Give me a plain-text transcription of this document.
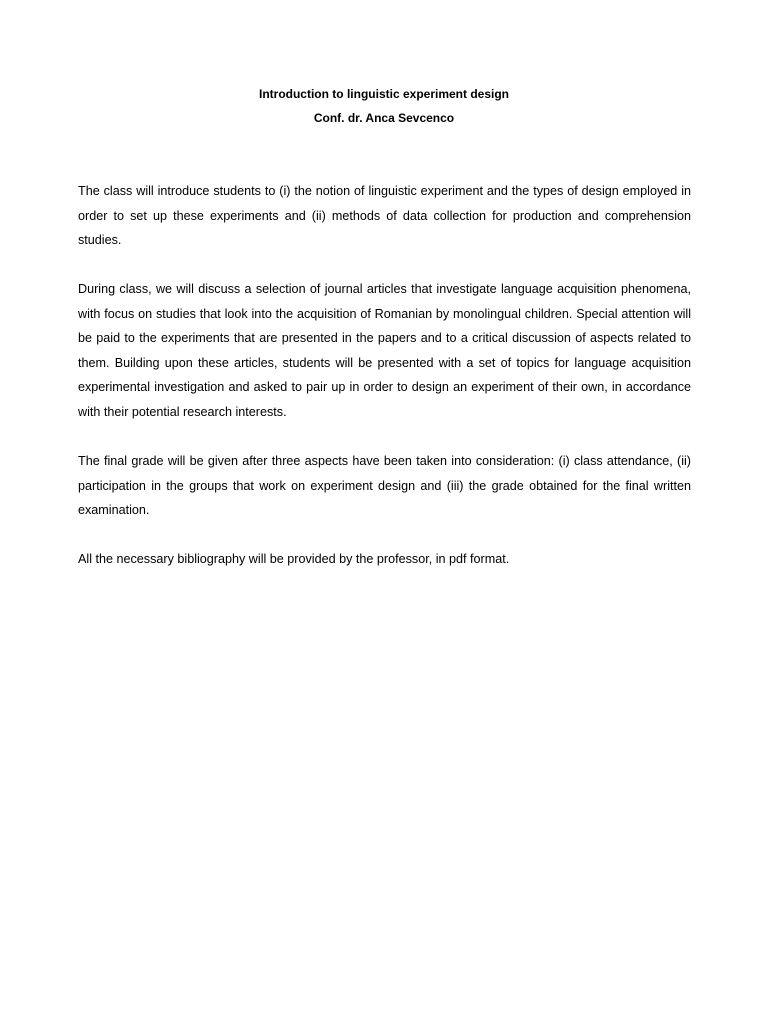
Introduction to linguistic experiment design
Conf. dr. Anca Sevcenco

The class will introduce students to (i) the notion of linguistic experiment and the types of design employed in order to set up these experiments and (ii) methods of data collection for production and comprehension studies.

During class, we will discuss a selection of journal articles that investigate language acquisition phenomena, with focus on studies that look into the acquisition of Romanian by monolingual children. Special attention will be paid to the experiments that are presented in the papers and to a critical discussion of aspects related to them. Building upon these articles, students will be presented with a set of topics for language acquisition experimental investigation and asked to pair up in order to design an experiment of their own, in accordance with their potential research interests.

The final grade will be given after three aspects have been taken into consideration: (i) class attendance, (ii) participation in the groups that work on experiment design and (iii) the grade obtained for the final written examination.

All the necessary bibliography will be provided by the professor, in pdf format.
